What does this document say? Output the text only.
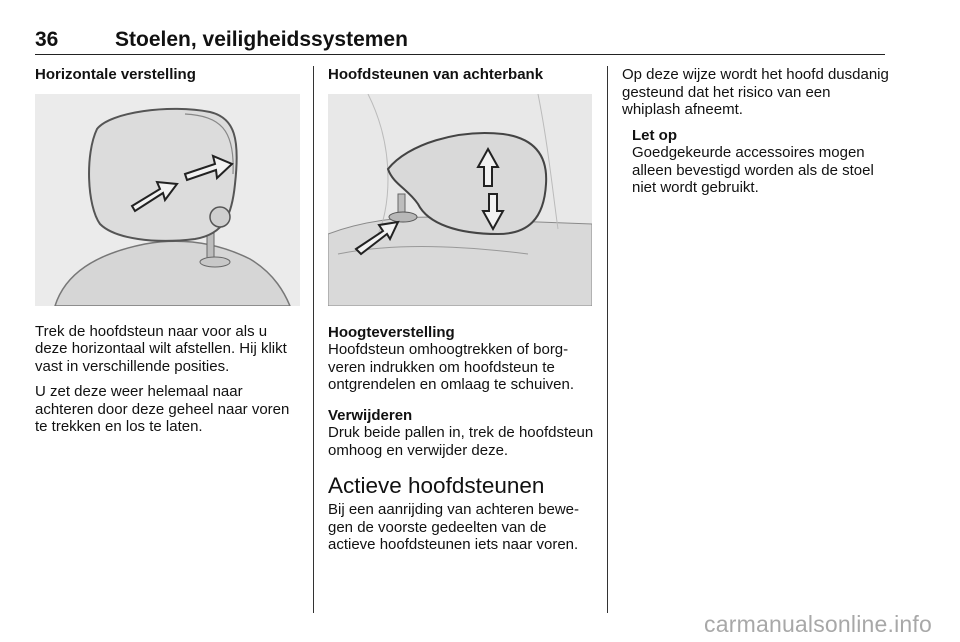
36	Stoelen, veiligheidssystemen

Horizontale verstelling

Trek de hoofdsteun naar voor als u deze horizontaal wilt afstellen. Hij klikt vast in verschillende posities.

U zet deze weer helemaal naar achteren door deze geheel naar voren te trekken en los te laten.

Hoofdsteunen van achterbank

Hoogteverstelling

Hoofdsteun omhoogtrekken of borgveren indrukken om hoofdsteun te ontgrendelen en omlaag te schuiven.

Verwijderen

Druk beide pallen in, trek de hoofdsteun omhoog en verwijder deze.

Actieve hoofdsteunen

Bij een aanrijding van achteren bewegen de voorste gedeelten van de actieve hoofdsteunen iets naar voren.

Op deze wijze wordt het hoofd dusdanig gesteund dat het risico van een whiplash afneemt.

Let op

Goedgekeurde accessoires mogen alleen bevestigd worden als de stoel niet wordt gebruikt.

carmanualsonline.info
